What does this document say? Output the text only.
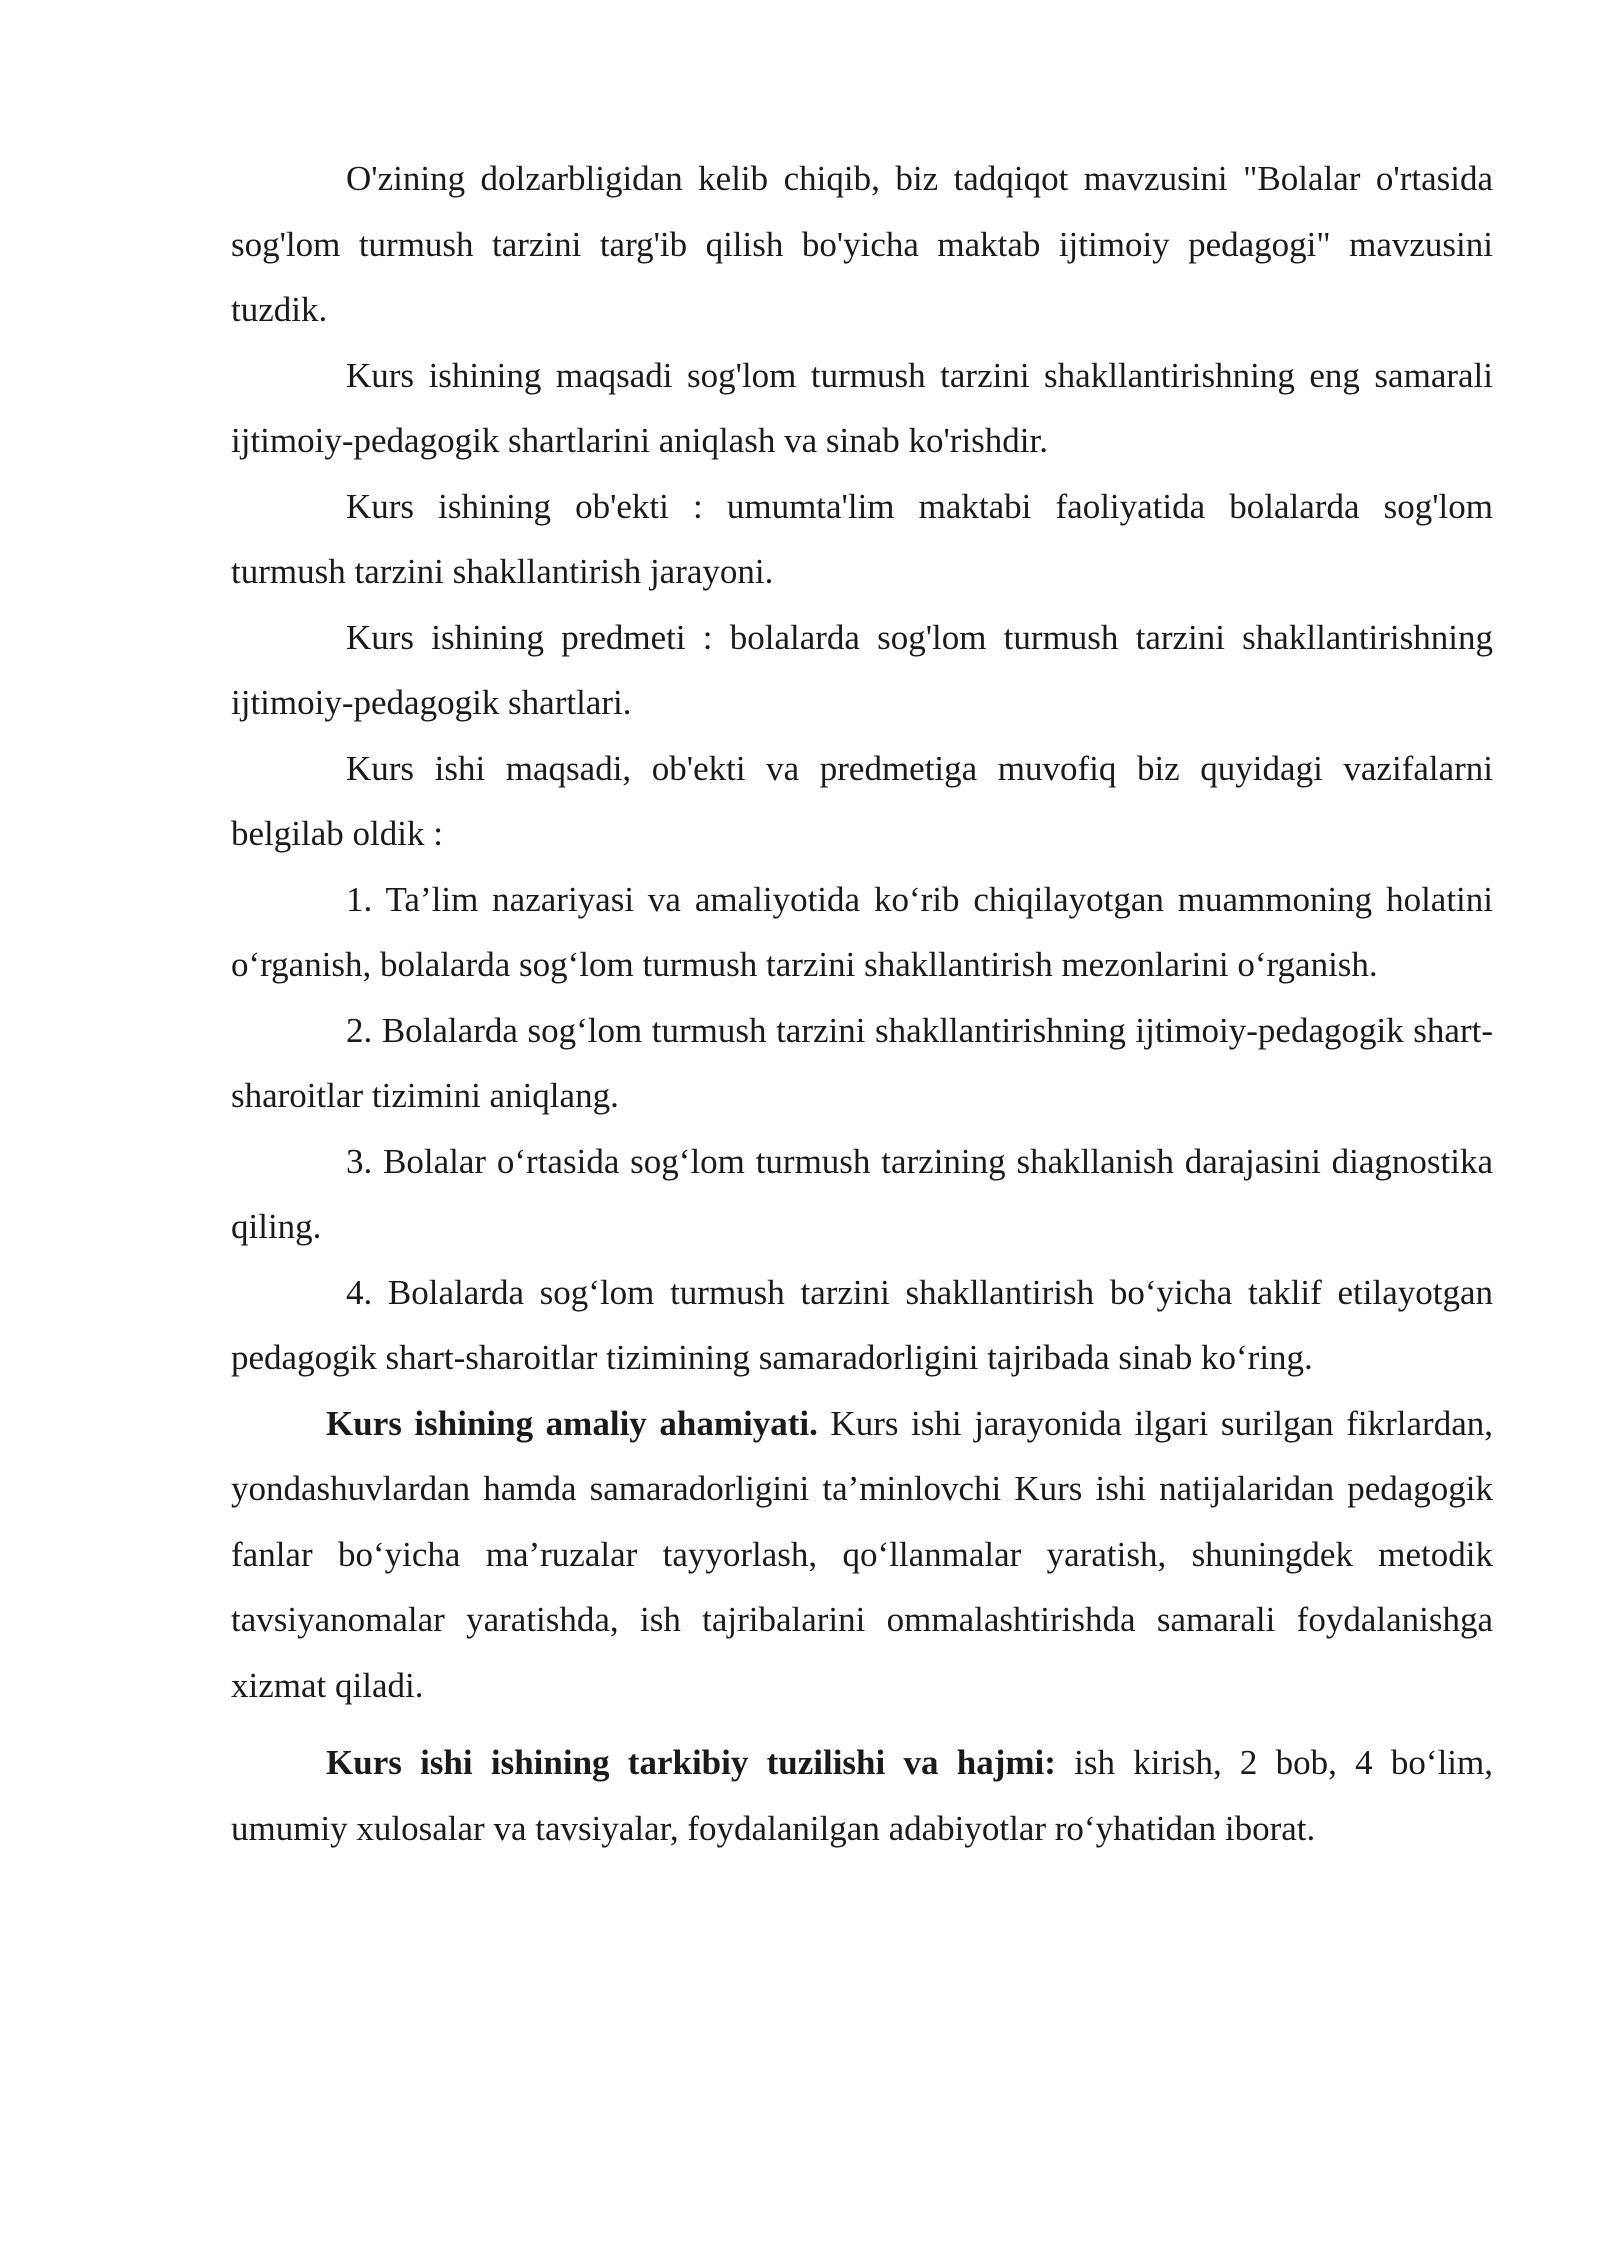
O'zining dolzarbligidan kelib chiqib, biz tadqiqot mavzusini "Bolalar o'rtasida sog'lom turmush tarzini targ'ib qilish bo'yicha maktab ijtimoiy pedagogi" mavzusini tuzdik.

Kurs ishining maqsadi sog'lom turmush tarzini shakllantirishning eng samarali ijtimoiy-pedagogik shartlarini aniqlash va sinab ko'rishdir.

Kurs ishining ob'ekti : umumta'lim maktabi faoliyatida bolalarda sog'lom turmush tarzini shakllantirish jarayoni.

Kurs ishining predmeti : bolalarda sog'lom turmush tarzini shakllantirishning ijtimoiy-pedagogik shartlari.

Kurs ishi maqsadi, ob'ekti va predmetiga muvofiq biz quyidagi vazifalarni belgilab oldik :

1. Ta’lim nazariyasi va amaliyotida ko‘rib chiqilayotgan muammoning holatini o‘rganish, bolalarda sog‘lom turmush tarzini shakllantirish mezonlarini o‘rganish.

2. Bolalarda sog‘lom turmush tarzini shakllantirishning ijtimoiy-pedagogik shart-sharoitlar tizimini aniqlang.

3. Bolalar o‘rtasida sog‘lom turmush tarzining shakllanish darajasini diagnostika qiling.

4. Bolalarda sog‘lom turmush tarzini shakllantirish bo‘yicha taklif etilayotgan pedagogik shart-sharoitlar tizimining samaradorligini tajribada sinab ko‘ring.

Kurs ishining amaliy ahamiyati. Kurs ishi jarayonida ilgari surilgan fikrlardan, yondashuvlardan hamda samaradorligini ta’minlovchi Kurs ishi natijalaridan pedagogik fanlar bo‘yicha ma’ruzalar tayyorlash, qo‘llanmalar yaratish, shuningdek metodik tavsiyanomalar yaratishda, ish tajribalarini ommalashtirishda samarali foydalanishga xizmat qiladi.

Kurs ishi ishining tarkibiy tuzilishi va hajmi: ish kirish, 2 bob, 4 bo‘lim, umumiy xulosalar va tavsiyalar, foydalanilgan adabiyotlar ro‘yhatidan iborat.
